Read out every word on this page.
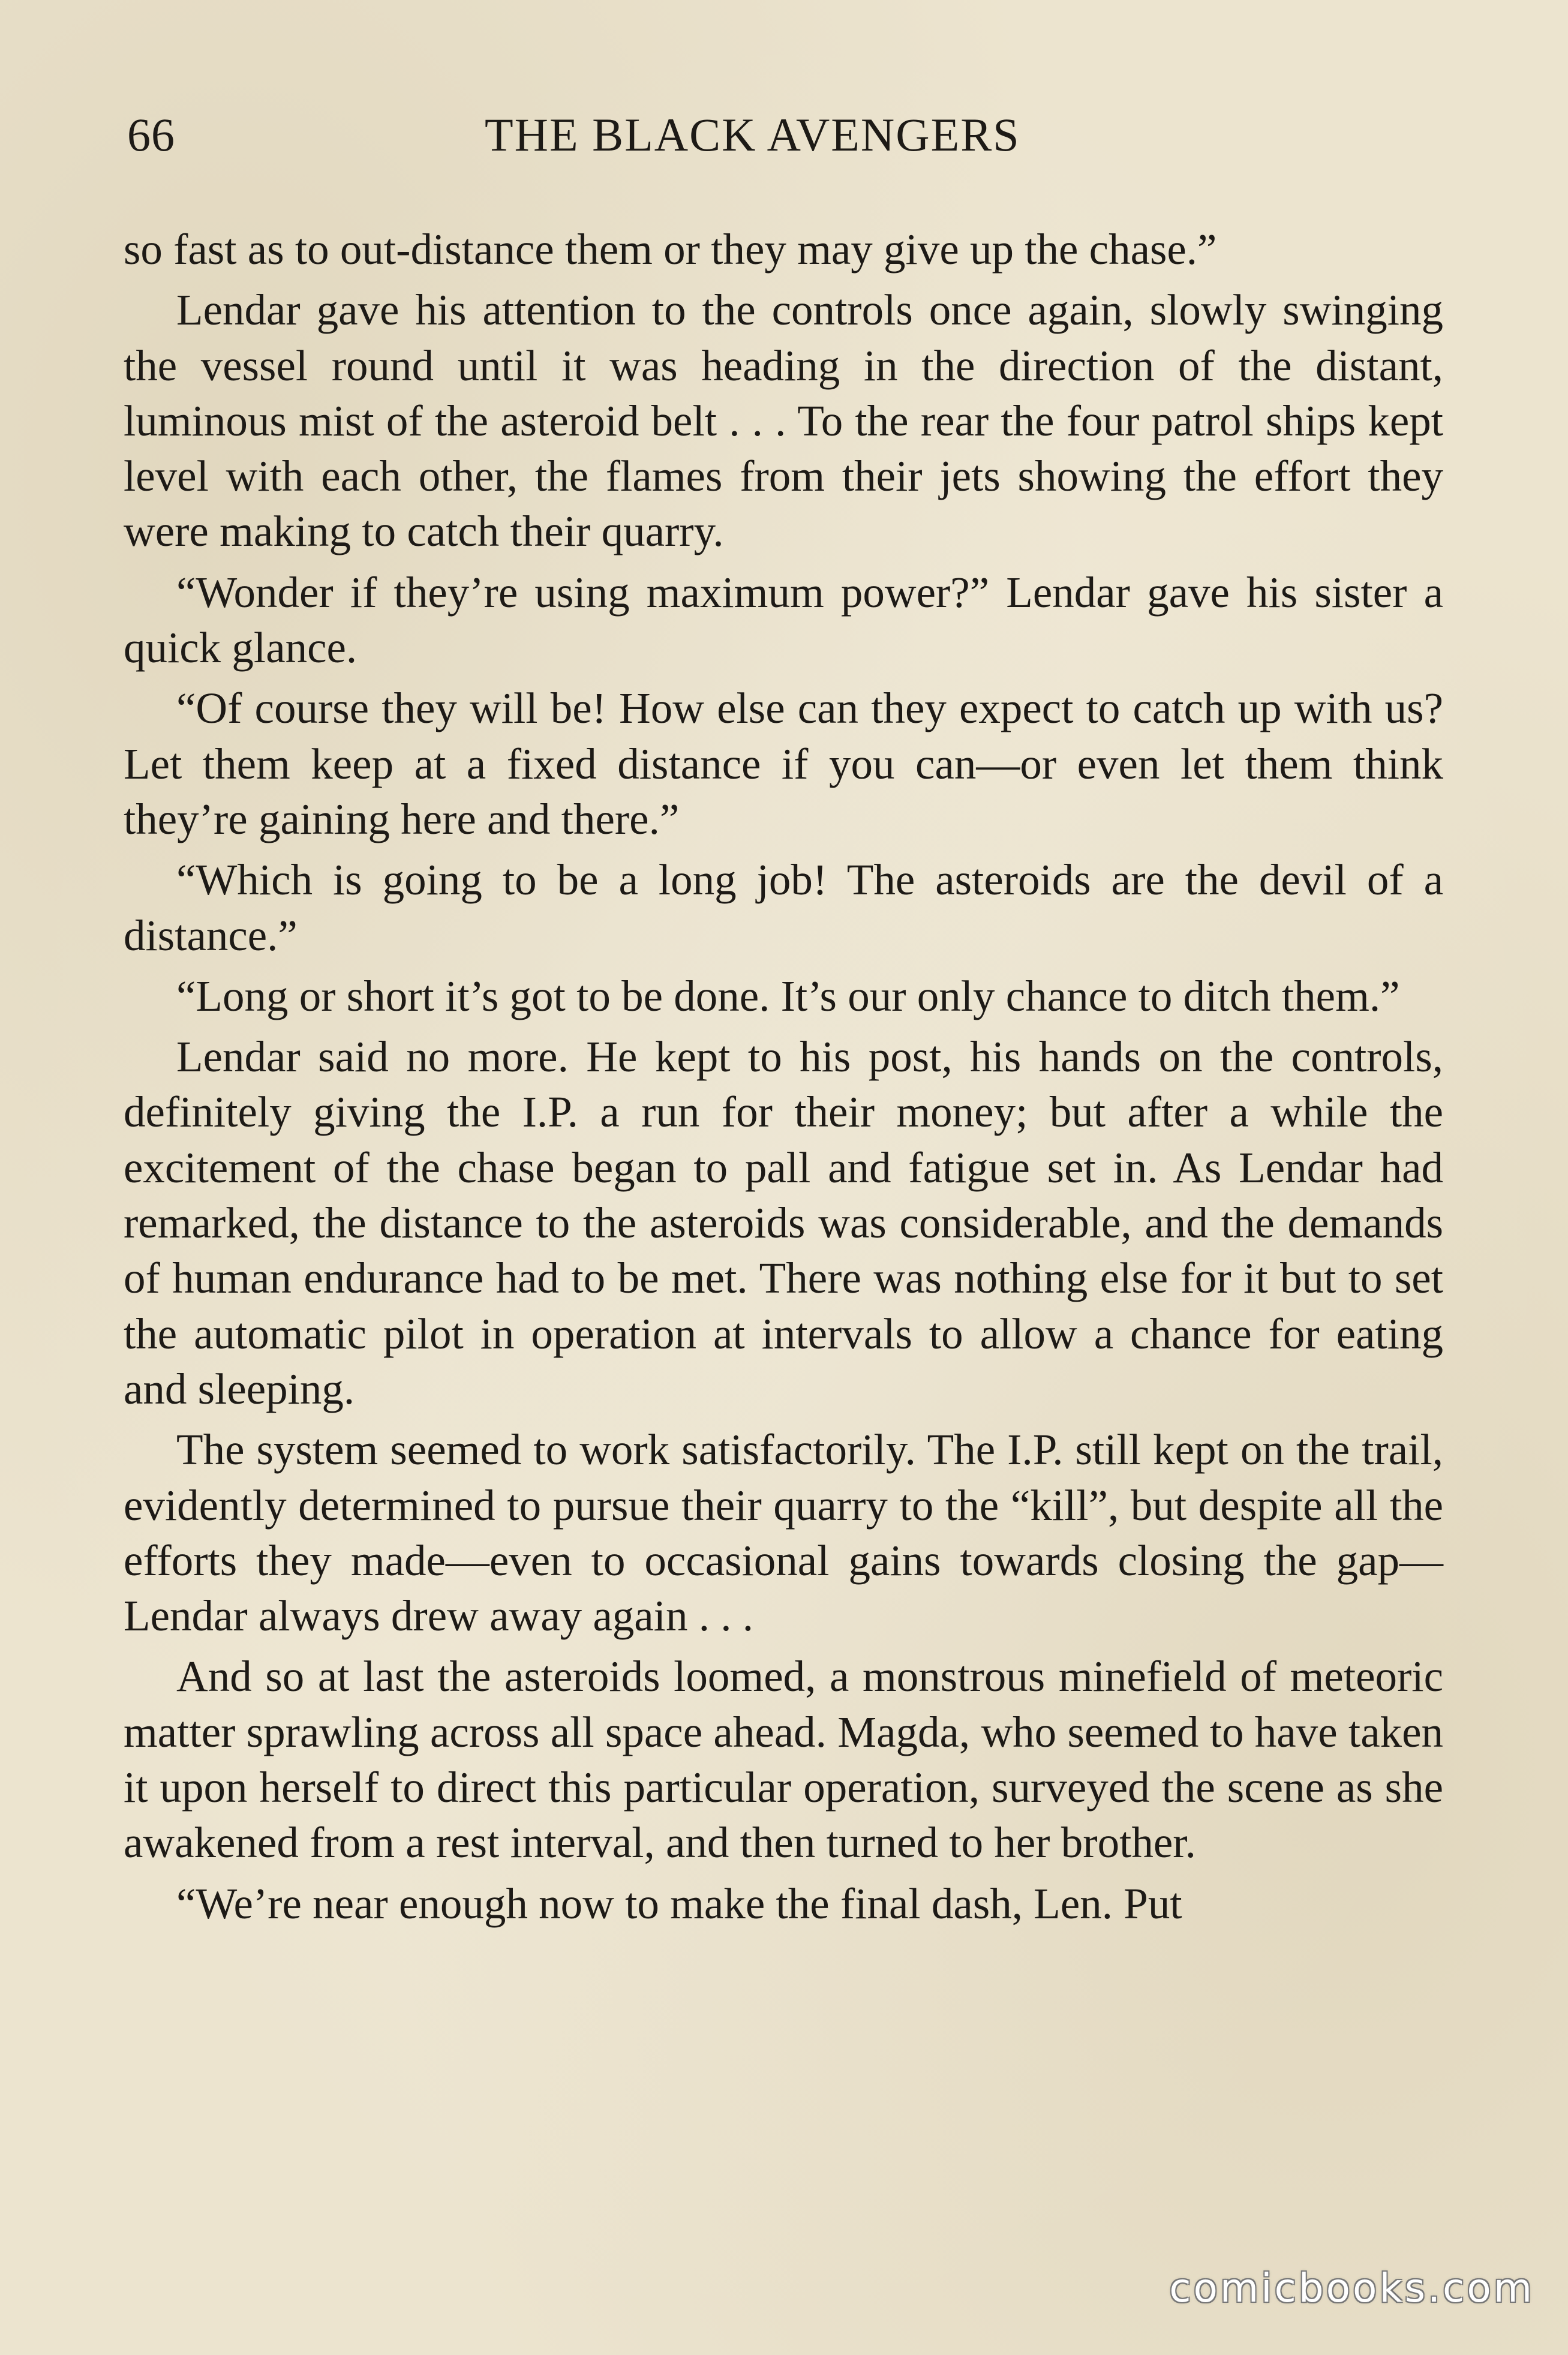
66	THE BLACK AVENGERS

so fast as to out-distance them or they may give up the chase.”

Lendar gave his attention to the controls once again, slowly swinging the vessel round until it was heading in the direction of the distant, luminous mist of the asteroid belt . . . To the rear the four patrol ships kept level with each other, the flames from their jets showing the effort they were making to catch their quarry.

“Wonder if they’re using maximum power?” Lendar gave his sister a quick glance.

“Of course they will be! How else can they expect to catch up with us? Let them keep at a fixed distance if you can—or even let them think they’re gaining here and there.”

“Which is going to be a long job! The asteroids are the devil of a distance.”

“Long or short it’s got to be done. It’s our only chance to ditch them.”

Lendar said no more. He kept to his post, his hands on the controls, definitely giving the I.P. a run for their money; but after a while the excitement of the chase began to pall and fatigue set in. As Lendar had remarked, the distance to the asteroids was considerable, and the demands of human endurance had to be met. There was nothing else for it but to set the automatic pilot in operation at intervals to allow a chance for eating and sleeping.

The system seemed to work satisfactorily. The I.P. still kept on the trail, evidently determined to pursue their quarry to the “kill”, but despite all the efforts they made—even to occasional gains towards closing the gap—Lendar always drew away again . . .

And so at last the asteroids loomed, a monstrous minefield of meteoric matter sprawling across all space ahead. Magda, who seemed to have taken it upon herself to direct this particular operation, surveyed the scene as she awakened from a rest interval, and then turned to her brother.

“We’re near enough now to make the final dash, Len. Put

comicbooks.com
